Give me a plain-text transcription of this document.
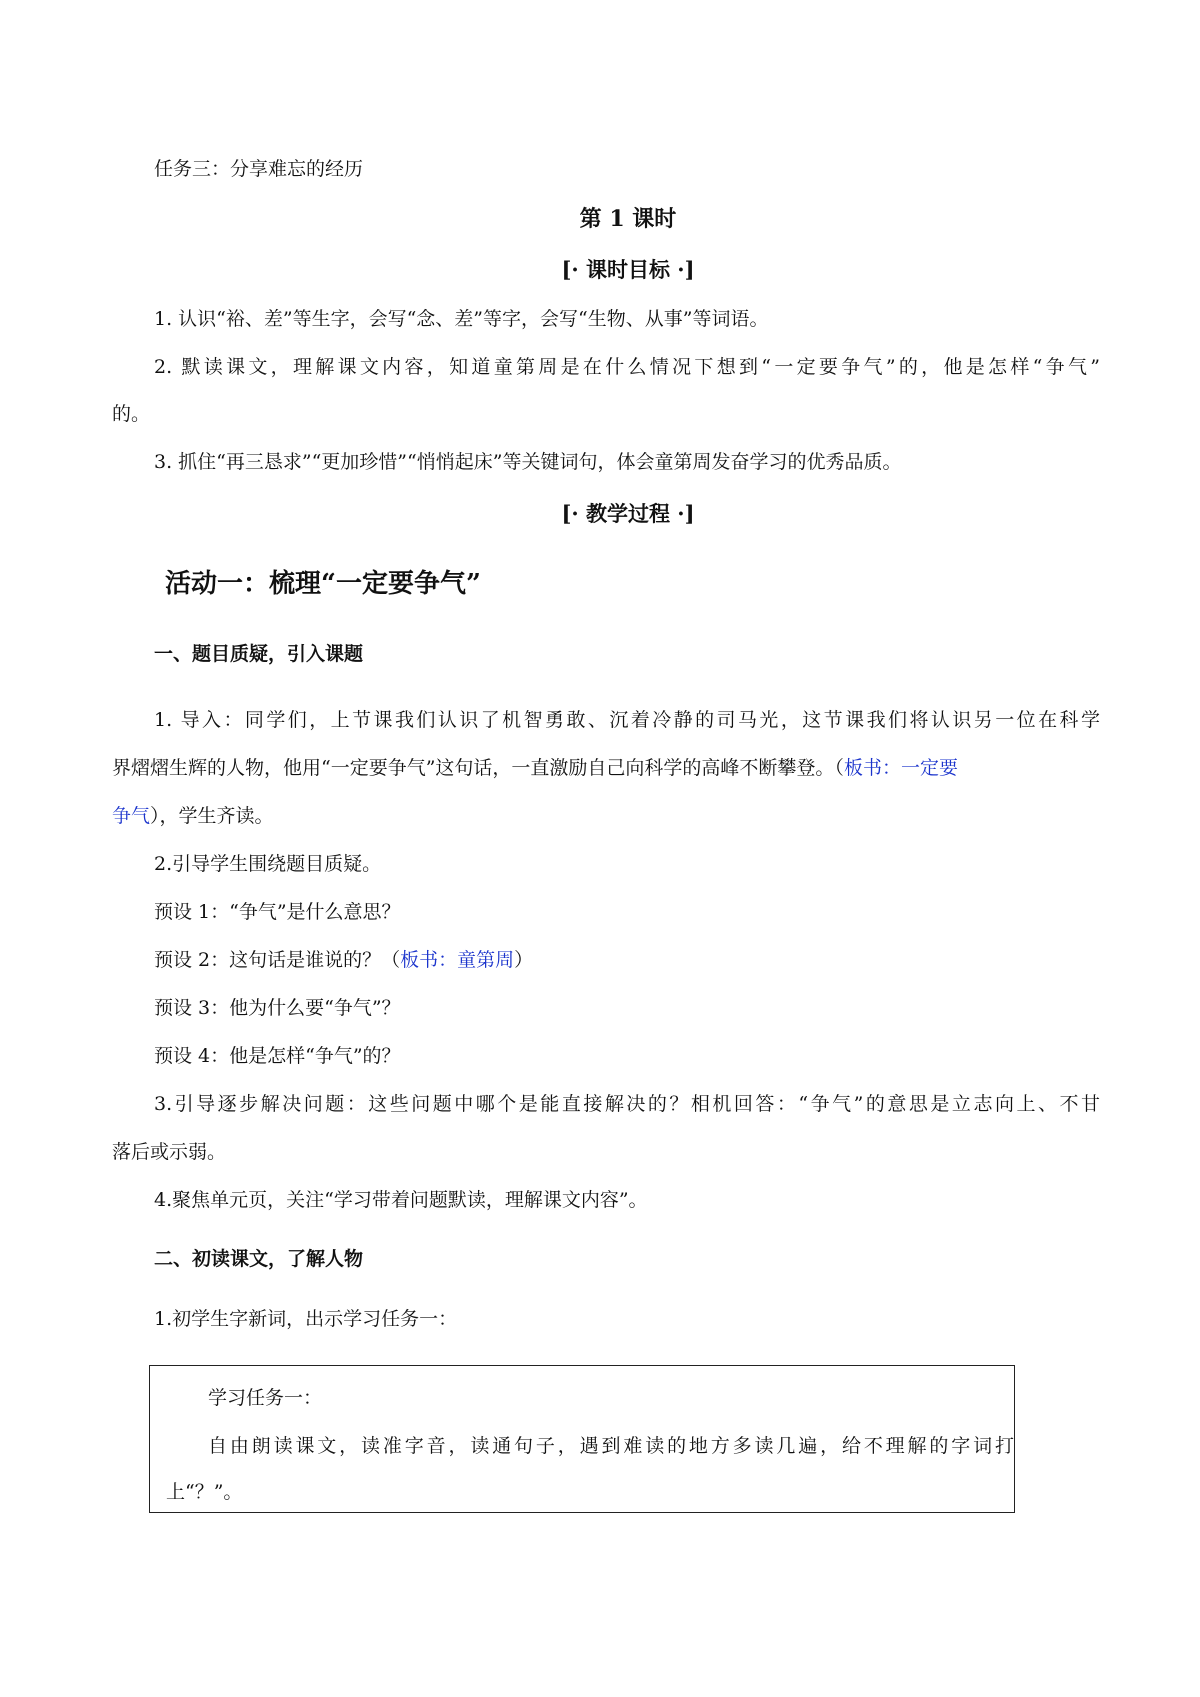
任务三：分享难忘的经历
第 1 课时
[· 课时目标 ·]
1. 认识“裕、差”等生字，会写“念、差”等字，会写“生物、从事”等词语。
2. 默读课文，理解课文内容，知道童第周是在什么情况下想到“一定要争气”的，他是怎样“争气”
的。
3. 抓住“再三恳求”“更加珍惜”“悄悄起床”等关键词句，体会童第周发奋学习的优秀品质。
[· 教学过程 ·]
活动一：梳理“一定要争气”
一、题目质疑，引入课题
1. 导入：同学们，上节课我们认识了机智勇敢、沉着冷静的司马光，这节课我们将认识另一位在科学
界熠熠生辉的人物，他用“一定要争气”这句话，一直激励自己向科学的高峰不断攀登。（板书：一定要
争气），学生齐读。
2.引导学生围绕题目质疑。
预设 1：“争气”是什么意思？
预设 2：这句话是谁说的？（板书：童第周）
预设 3：他为什么要“争气”？
预设 4：他是怎样“争气”的？
3.引导逐步解决问题：这些问题中哪个是能直接解决的？相机回答：“争气”的意思是立志向上、不甘
落后或示弱。
4.聚焦单元页，关注“学习带着问题默读，理解课文内容”。
二、初读课文，了解人物
1.初学生字新词，出示学习任务一：
学习任务一：
自由朗读课文，读准字音，读通句子，遇到难读的地方多读几遍，给不理解的字词打
上“？”。
